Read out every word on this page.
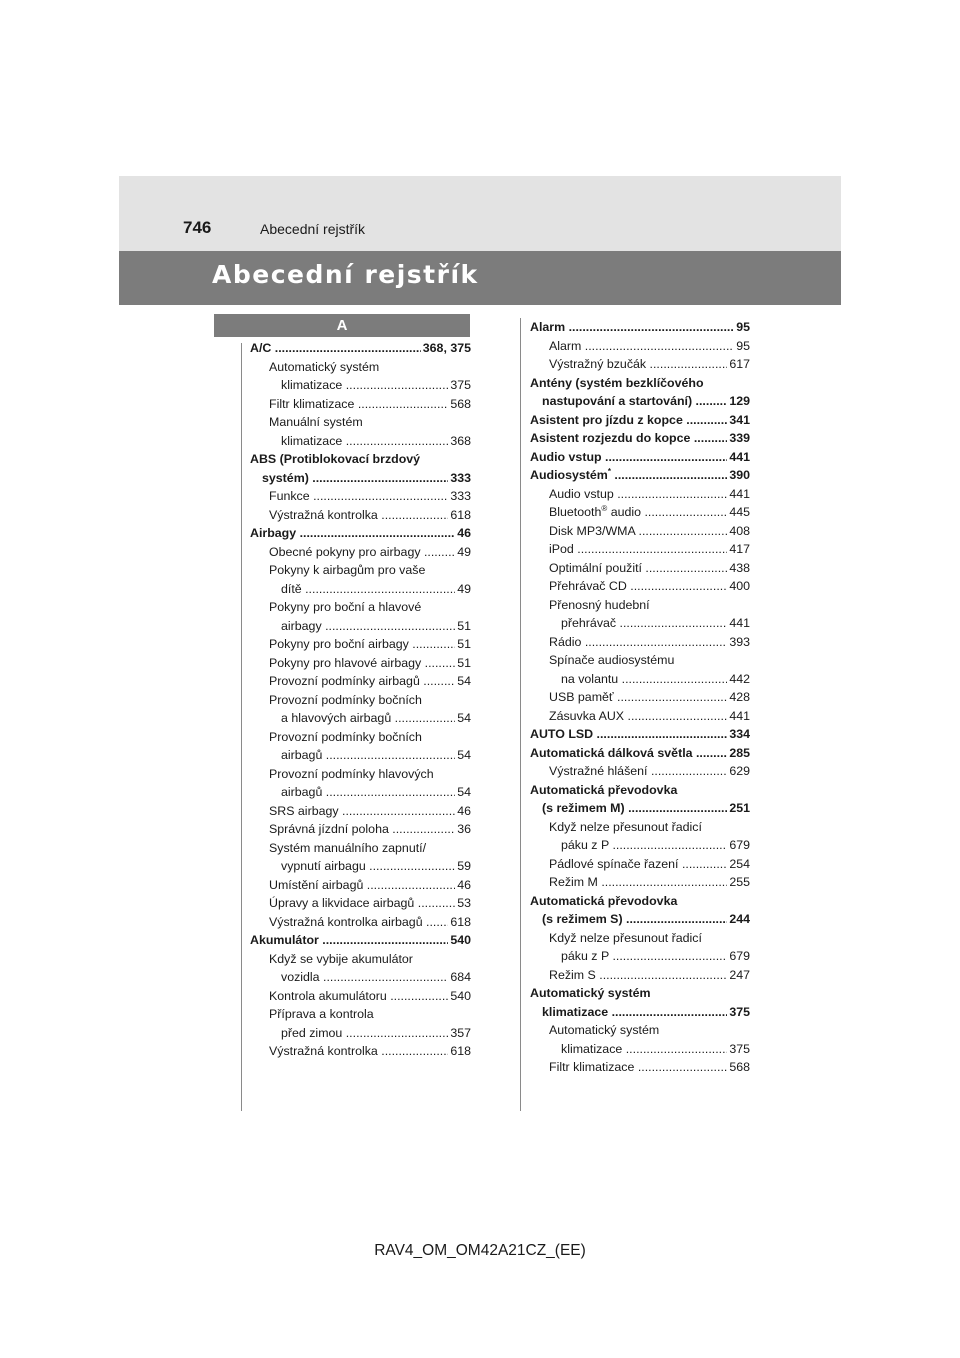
746	Abecední rejstřík
Abecední rejstřík
A
A/C .....	368, 375
Automatický systém
klimatizace .....	375
Filtr klimatizace .....	568
Manuální systém
klimatizace .....	368
ABS (Protiblokovací brzdový
systém) .....	333
Funkce .....	333
Výstražná kontrolka .....	618
Airbagy .....	46
Obecné pokyny pro airbagy .....	49
Pokyny k airbagům pro vaše
dítě .....	49
Pokyny pro boční a hlavové
airbagy .....	51
Pokyny pro boční airbagy .....	51
Pokyny pro hlavové airbagy .....	51
Provozní podmínky airbagů .....	54
Provozní podmínky bočních
a hlavových airbagů .....	54
Provozní podmínky bočních
airbagů .....	54
Provozní podmínky hlavových
airbagů .....	54
SRS airbagy .....	46
Správná jízdní poloha .....	36
Systém manuálního zapnutí/
vypnutí airbagu .....	59
Umístění airbagů .....	46
Úpravy a likvidace airbagů .....	53
Výstražná kontrolka airbagů .....	618
Akumulátor .....	540
Když se vybije akumulátor
vozidla .....	684
Kontrola akumulátoru .....	540
Příprava a kontrola
před zimou .....	357
Výstražná kontrolka .....	618
Alarm .....	95
Alarm .....	95
Výstražný bzučák .....	617
Antény (systém bezklíčového
nastupování a startování) .....	129
Asistent pro jízdu z kopce .....	341
Asistent rozjezdu do kopce .....	339
Audio vstup .....	441
Audiosystém* .....	390
Audio vstup .....	441
Bluetooth® audio .....	445
Disk MP3/WMA .....	408
iPod .....	417
Optimální použití .....	438
Přehrávač CD .....	400
Přenosný hudební
přehrávač .....	441
Rádio .....	393
Spínače audiosystému
na volantu .....	442
USB paměť .....	428
Zásuvka AUX .....	441
AUTO LSD .....	334
Automatická dálková světla .....	285
Výstražné hlášení .....	629
Automatická převodovka
(s režimem M) .....	251
Když nelze přesunout řadicí
páku z P .....	679
Pádlové spínače řazení .....	254
Režim M .....	255
Automatická převodovka
(s režimem S) .....	244
Když nelze přesunout řadicí
páku z P .....	679
Režim S .....	247
Automatický systém
klimatizace .....	375
Automatický systém
klimatizace .....	375
Filtr klimatizace .....	568
RAV4_OM_OM42A21CZ_(EE)
